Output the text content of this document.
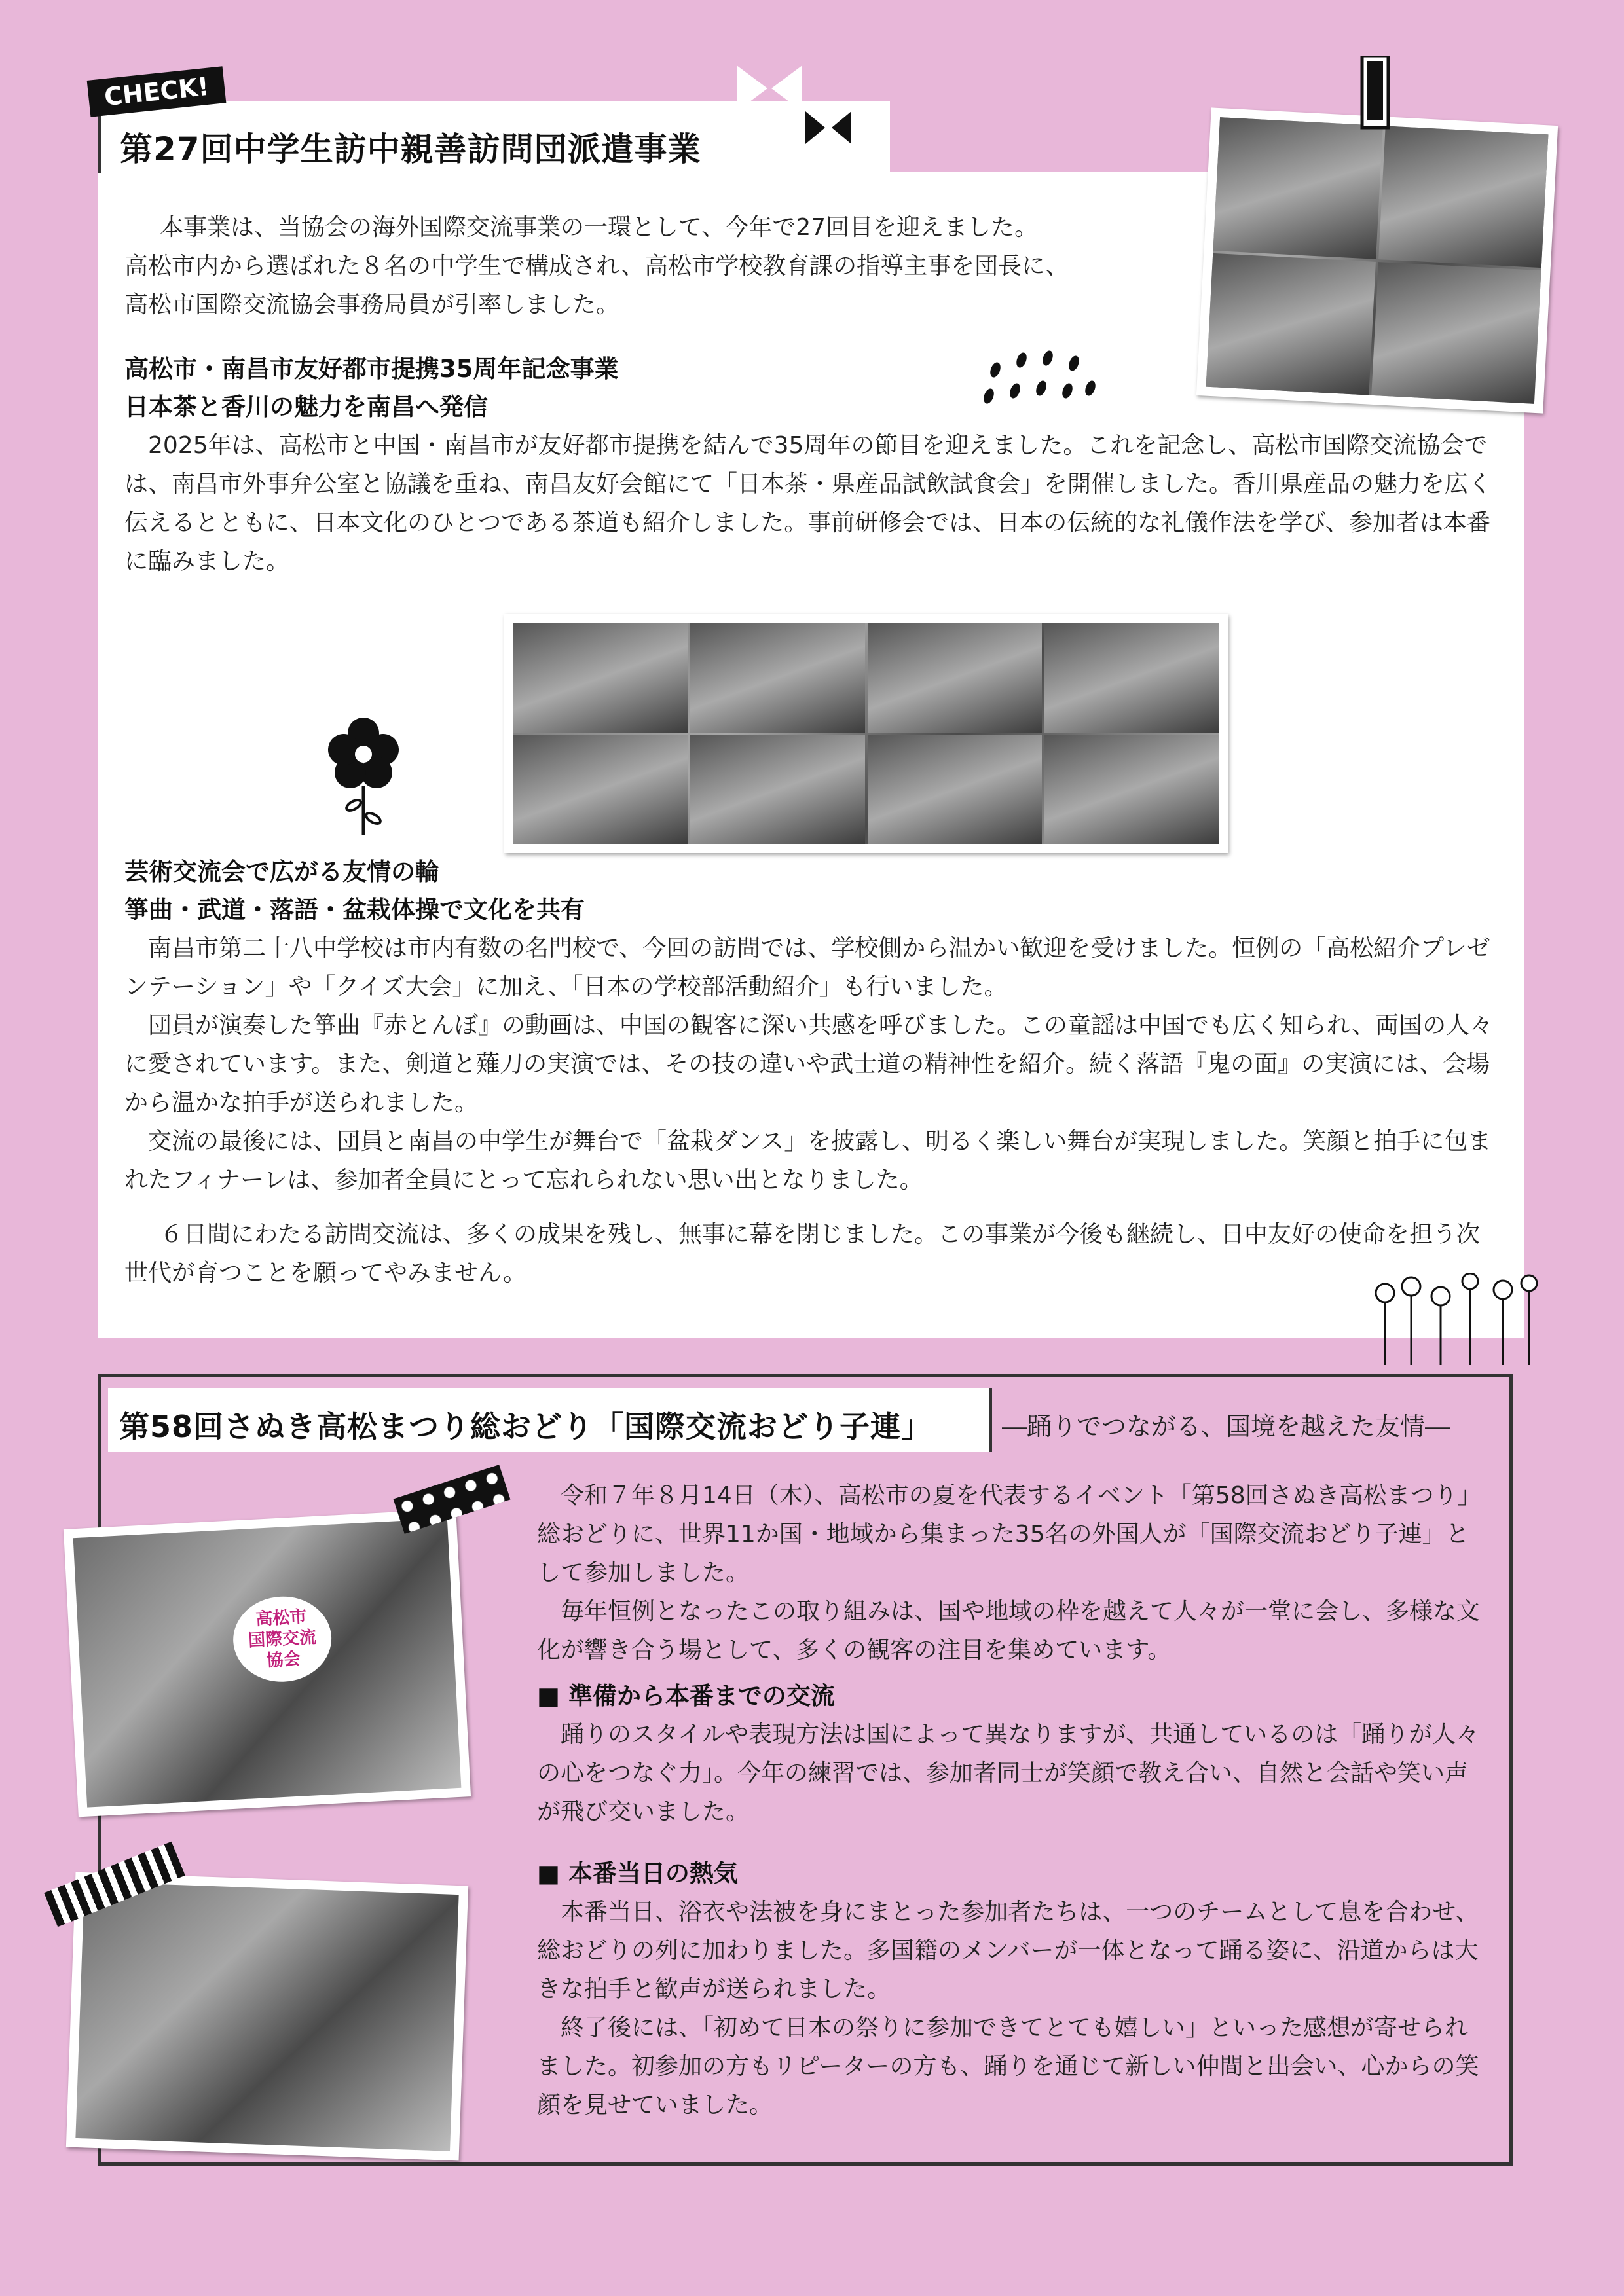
第27回中学生訪中親善訪問団派遣事業
CHECK!

本事業は、当協会の海外国際交流事業の一環として、今年で27回目を迎えました。

高松市内から選ばれた８名の中学生で構成され、高松市学校教育課の指導主事を団長に、

高松市国際交流協会事務局員が引率しました。

高松市・南昌市友好都市提携35周年記念事業
日本茶と香川の魅力を南昌へ発信

2025年は、高松市と中国・南昌市が友好都市提携を結んで35周年の節目を迎えました。これを記念し、高松市国際交流協会では、南昌市外事弁公室と協議を重ね、南昌友好会館にて「日本茶・県産品試飲試食会」を開催しました。香川県産品の魅力を広く伝えるとともに、日本文化のひとつである茶道も紹介しました。事前研修会では、日本の伝統的な礼儀作法を学び、参加者は本番に臨みました。

芸術交流会で広がる友情の輪
箏曲・武道・落語・盆栽体操で文化を共有

南昌市第二十八中学校は市内有数の名門校で、今回の訪問では、学校側から温かい歓迎を受けました。恒例の「高松紹介プレゼンテーション」や「クイズ大会」に加え、「日本の学校部活動紹介」も行いました。

団員が演奏した箏曲『赤とんぼ』の動画は、中国の観客に深い共感を呼びました。この童謡は中国でも広く知られ、両国の人々に愛されています。また、剣道と薙刀の実演では、その技の違いや武士道の精神性を紹介。続く落語『鬼の面』の実演には、会場から温かな拍手が送られました。

交流の最後には、団員と南昌の中学生が舞台で「盆栽ダンス」を披露し、明るく楽しい舞台が実現しました。笑顔と拍手に包まれたフィナーレは、参加者全員にとって忘れられない思い出となりました。

６日間にわたる訪問交流は、多くの成果を残し、無事に幕を閉じました。この事業が今後も継続し、日中友好の使命を担う次世代が育つことを願ってやみません。

第58回さぬき高松まつり総おどり「国際交流おどり子連」	―踊りでつながる、国境を越えた友情―
高松市 国際交流 協会

令和７年８月14日（木）、高松市の夏を代表するイベント「第58回さぬき高松まつり」総おどりに、世界11か国・地域から集まった35名の外国人が「国際交流おどり子連」として参加しました。

毎年恒例となったこの取り組みは、国や地域の枠を越えて人々が一堂に会し、多様な文化が響き合う場として、多くの観客の注目を集めています。

■ 準備から本番までの交流

踊りのスタイルや表現方法は国によって異なりますが、共通しているのは「踊りが人々の心をつなぐ力」。今年の練習では、参加者同士が笑顔で教え合い、自然と会話や笑い声が飛び交いました。

■ 本番当日の熱気

本番当日、浴衣や法被を身にまとった参加者たちは、一つのチームとして息を合わせ、総おどりの列に加わりました。多国籍のメンバーが一体となって踊る姿に、沿道からは大きな拍手と歓声が送られました。

終了後には、「初めて日本の祭りに参加できてとても嬉しい」といった感想が寄せられました。初参加の方もリピーターの方も、踊りを通じて新しい仲間と出会い、心からの笑顔を見せていました。
